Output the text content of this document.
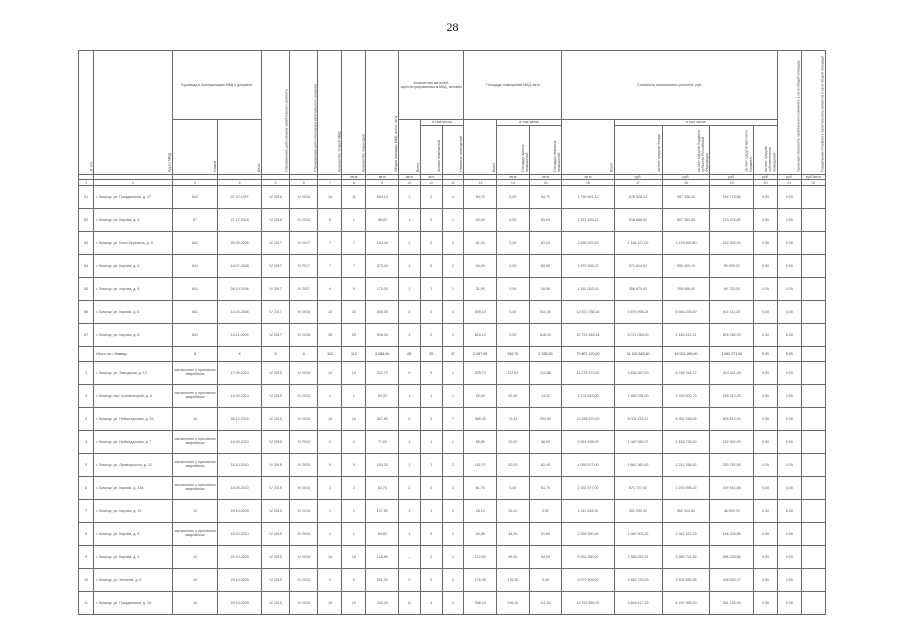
28
№ п/п	Адрес МКД	Год ввода в эксплуатацию МКД и документ		Планируемая дата начала капитального ремонта	Планируемая дата окончания капитального ремонта	Количество этажей МКД	Количество подъездов	Общая площадь МКД, всего, кв.м	Количество жителей, зарегистрированных в МКД, человек			Площадь помещений МКД, кв.м			Стоимость капитального ремонта, руб.					Удельная стоимость капитального ремонта 1 кв.м общей площади	Предельная стоимость капитального ремонта 1 кв.м общей площади
		Номер	Дата						Всего	в том числе		Всего	в том числе		Всего	в том числе					
										Жилых помещений	Нежилых помещений		Площадь жилых помещений	Площадь нежилых помещений		за счет средств Фонда	за счет средств бюджета субъекта Российской Федерации	за счет средств местного бюджета	за счет средств собственников помещений		
							кв.м	кв.м	кв.м	чел.			кв.м	кв.м	кв.м	руб.	руб.	руб.	руб.	руб.	руб./кв.м
1	2	3	4	5	6	7	8	9	10	11	12	13	14	15	16	17	18	19	20	21	22
61	г. Бежецк, ул. Гражданская, д. 27	841	07.10.1997	IV 2016	IV 2016	16	11	654,10	1	0	4	54,70	0,00	54,70	1 790 941,12	678 826,13	957 336,12	154 778,88	0,00	0,00	
62	г. Бежецк, ул. Кирова, д. 8	57	27.12.2018	IV 2016	IV 2016	8	1	95,00	1	0	1	69,00	0,00	69,00	1 527 425,21	518 686,92	867 362,59	143 375,80	0,00	0,00	
63	г. Бежецк, ул. Бонч-Бруевича, д. 9	841	26.09.2006	IV 2017	IV 2017	7	7	154,40	1	0	0	81,00	0,00	81,00	2 835 297,62	1 116 127,00	1 578 890,80	102 436,00	0,00	0,00	
64	г. Бежецк, ул. Кирова, д. 6	841	18.07.2008	IV 2017	IV 2017	7	7	673,40	1	0	0	60,00	0,00	60,00	1 870 305,02	671 814,92	950 490,10	95 000,00	0,00	0,00	
65	г. Бежецк, ул. Кирова, д. 8	841	26.10.2006	IV 2017	IV 2017	4	0	175,00	1	1	1	31,90	0,00	18,90	1 181 052,01	356 879,91	708 086,00	99 732,00	0,00	0,00	
66	г. Бежецк, ул. Кирова, д. 6	841	14.03.2006	IV 2017	IV 2018	15	15	805,00	4	0	4	609,10	0,00	611,00	12 671 936,34	4 676 998,24	6 563 226,00	611 111,20	0,00	0,00	
67	г. Бежецк, ул. Кирова, д. 8	841	14.11.2009	IV 2017	IV 2018	25	25	506,40	3	0	3	816,10	0,00	816,10	12 721 645,44	5 071 016,00	2 445 512,31	876 282,29	0,00	0,00	
	Итого по г. Бежецк	Х	Х	Х	Х	112	112	2 086,00	65	20	37	2 267,00	932,70	1 335,30	70 807 470,00	31 102 846,50	43 001 280,00	3 060 371,50	0,00	0,00	
1	г. Бежецк, ул. Заводская, д. 10	заключение о признании аварийным	17.09.2010	IV 2015	IV 2015	14	14	321,70	9	9	2	325,70	112,84	212,86	11 276 473,00	4 636 367,00	6 226 764,72	413 341,28	0,00	0,00	
2	г. Бежецк, пер. Кременецкий, д. 8	заключение о признании аварийным	18.09.2010	IV 2015	IV 2015	1	1	90,30	1	1	1	62,00	42,20	14,10	3 176 643,00	1 266 334,00	1 750 000,79	159 312,23	0,00	0,00	
3	г. Бежецк, ул. Нейштадтская, д. 15	15	26.12.2016	IV 2015	IV 2015	15	15	367,80	0	5	7	365,40	72,43	293,90	12 536 570,00	5 004 233,47	6 902 168,05	629 812,00	0,00	0,00	
4	г. Бежецк, ул. Нейштадтская, д. 7	заключение о признании аварийным	16.09.2010	IV 2015	IV 2015	2	2	77,90	1	1	2	55,80	19,92	36,00	2 651 499,00	1 060 555,07	1 436 735,00	152 902,00	0,00	0,00	
5	г. Бежецк, ул. Луначарского, д. 12	заключение о признании аварийным	18.10.2010	IV 2015	IV 2015	5	5	100,30	1	1	2	116,70	52,00	62,40	4 093 577,00	1 661 362,62	2 211 788,00	200 762,50	0,00	0,00	
6	г. Бежецк, ул. Кирова, д. 43а	заключение о признании аварийным	18.09.2010	IV 2015	IV 2015	2	2	63,70	2	0	2	61,70	0,00	61,70	2 161 477,00	871 727,00	1 200 098,15	109 941,85	0,00	0,00	
7	г. Бежецк, ул. Кирова, д. 19	15	29.10.2009	IV 2015	IV 2015	1	1	107,50	1	1	0	26,10	26,10	0,00	1 011 533,00	302 290,32	562 913,00	46 009,76	0,00	0,00	
8	г. Бежецк, ул. Кирова, д. 8	заключение о признании аварийным	18.10.2010	IV 2015	IV 2015	1	1	65,80	1	2	2	65,80	44,20	21,60	2 928 950,00	1 040 303,32	1 042 422,19	146 226,56	0,00	0,00	
9	г. Бежецк, ул. Кирова, д. 4	15	24.10.2009	IV 2015	IV 2015	16	16	126,60	–	0	1	122,00	68,10	54,90	5 932 250,00	2 365 292,21	3 280 731,95	286 225,86	0,00	0,00	
10	г. Бежецк, ул. Зеленая, д. 6	15	29.10.2009	IV 2015	IV 2015	9	9	201,02	0	0	0	176,30	176,30	0,00	6 079 909,00	2 462 733,00	3 305 656,28	308 620,72	0,00	0,00	
11	г. Бежецк, ул. Гражданская, д. 14	15	29.10.2009	IV 2015	IV 2015	19	19	343,20	12	4	4	346,10	236,10	111,50	11 792 855,00	4 664 417,25	6 157 995,00	361 192,09	0,00	0,00	
